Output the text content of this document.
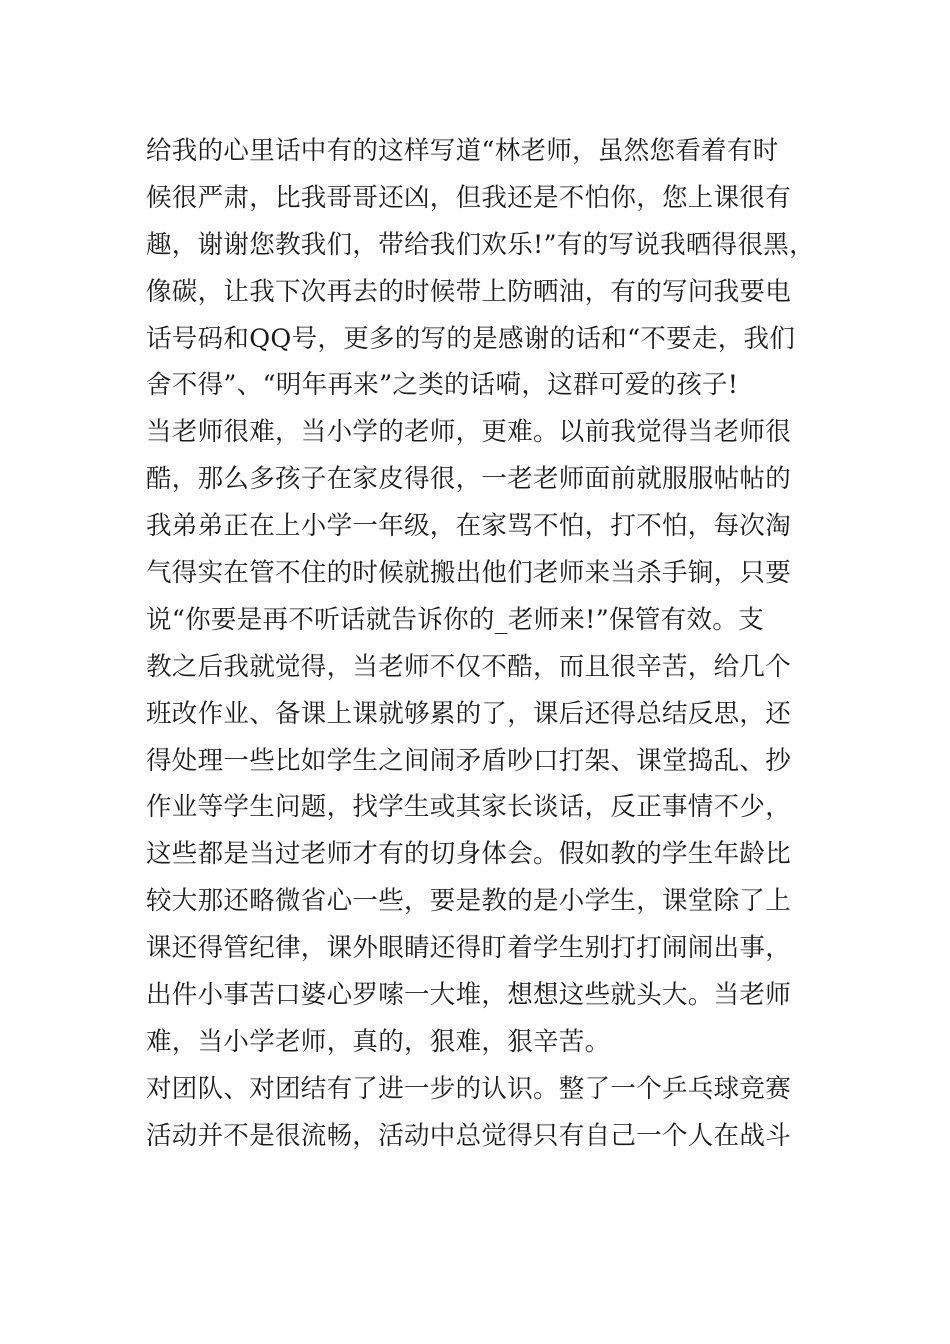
给我的心里话中有的这样写道“林老师，虽然您看着有时
候很严肃，比我哥哥还凶，但我还是不怕你，您上课很有
趣，谢谢您教我们，带给我们欢乐!”有的写说我晒得很黑，
像碳，让我下次再去的时候带上防晒油，有的写问我要电
话号码和QQ号，更多的写的是感谢的话和“不要走，我们
舍不得”、“明年再来”之类的话嗬，这群可爱的孩子!
当老师很难，当小学的老师，更难。以前我觉得当老师很
酷，那么多孩子在家皮得很，一老老师面前就服服帖帖的
我弟弟正在上小学一年级，在家骂不怕，打不怕，每次淘
气得实在管不住的时候就搬出他们老师来当杀手锏，只要
说“你要是再不听话就告诉你的_老师来!”保管有效。支
教之后我就觉得，当老师不仅不酷，而且很辛苦，给几个
班改作业、备课上课就够累的了，课后还得总结反思，还
得处理一些比如学生之间闹矛盾吵口打架、课堂捣乱、抄
作业等学生问题，找学生或其家长谈话，反正事情不少，
这些都是当过老师才有的切身体会。假如教的学生年龄比
较大那还略微省心一些，要是教的是小学生，课堂除了上
课还得管纪律，课外眼睛还得盯着学生别打打闹闹出事，
出件小事苦口婆心罗嗦一大堆，想想这些就头大。当老师
难，当小学老师，真的，狠难，狠辛苦。
对团队、对团结有了进一步的认识。整了一个乒乓球竞赛
活动并不是很流畅，活动中总觉得只有自己一个人在战斗
